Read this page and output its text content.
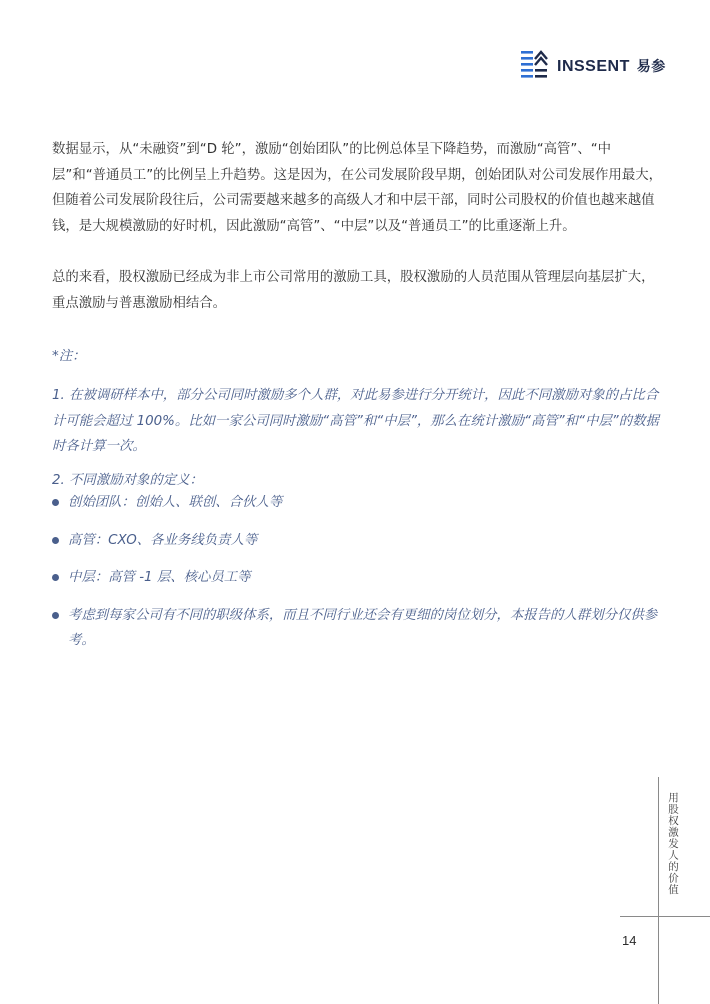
INSSENT 易参

数据显示，从“未融资”到“D 轮”，激励“创始团队”的比例总体呈下降趋势，而激励“高管”、“中层”和“普通员工”的比例呈上升趋势。这是因为，在公司发展阶段早期，创始团队对公司发展作用最大，但随着公司发展阶段往后，公司需要越来越多的高级人才和中层干部，同时公司股权的价值也越来越值钱，是大规模激励的好时机，因此激励“高管”、“中层”以及“普通员工”的比重逐渐上升。

总的来看，股权激励已经成为非上市公司常用的激励工具，股权激励的人员范围从管理层向基层扩大，重点激励与普惠激励相结合。

*注：

1. 在被调研样本中，部分公司同时激励多个人群，对此易参进行分开统计，因此不同激励对象的占比合计可能会超过 100%。比如一家公司同时激励“高管”和“中层”，那么在统计激励“高管”和“中层”的数据时各计算一次。

2. 不同激励对象的定义：

创始团队：创始人、联创、合伙人等
高管：CXO、各业务线负责人等
中层：高管 -1 层、核心员工等
考虑到每家公司有不同的职级体系，而且不同行业还会有更细的岗位划分，本报告的人群划分仅供参考。
用股权激发人的价值
14
